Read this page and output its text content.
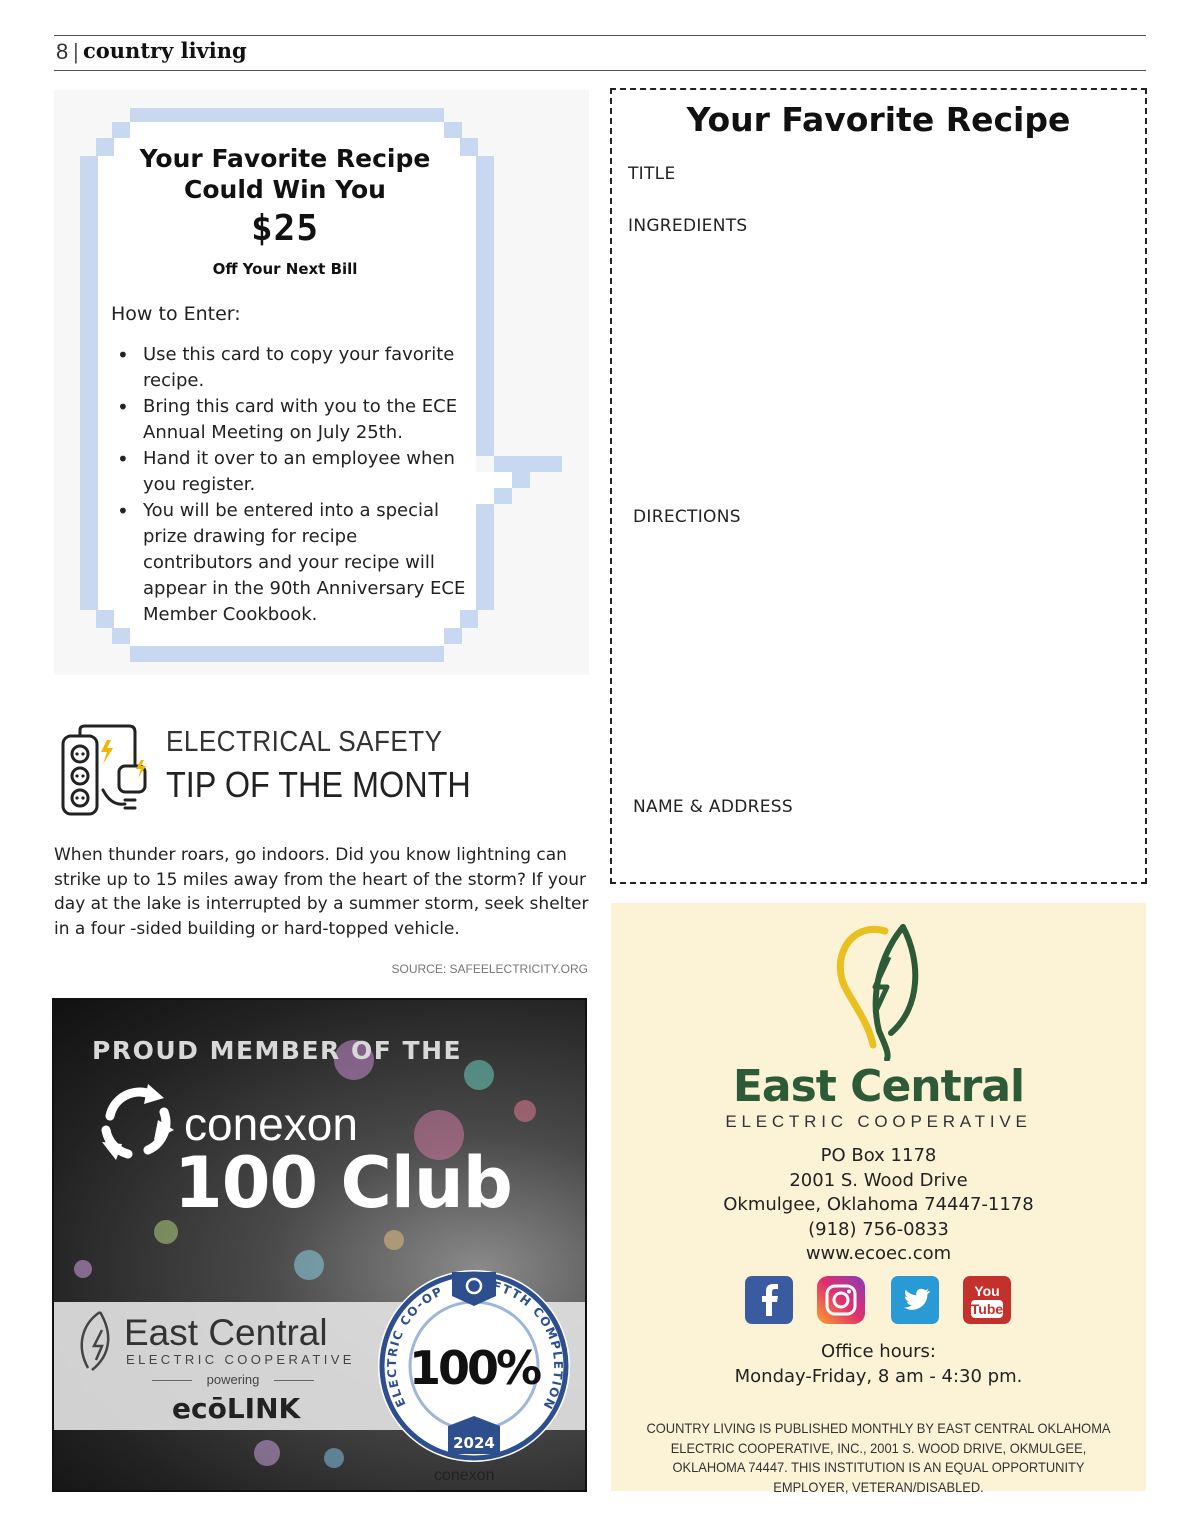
8 | country living
Your Favorite Recipe
Could Win You
$25
Off Your Next Bill
How to Enter:
• Use this card to copy your favorite recipe.
• Bring this card with you to the ECE Annual Meeting on July 25th.
• Hand it over to an employee when you register.
• You will be entered into a special prize drawing for recipe contributors and your recipe will appear in the 90th Anniversary ECE Member Cookbook.
ELECTRICAL SAFETY
TIP OF THE MONTH
When thunder roars, go indoors. Did you know lightning can strike up to 15 miles away from the heart of the storm? If your day at the lake is interrupted by a summer storm, seek shelter in a four -sided building or hard-topped vehicle.
SOURCE: SAFEELECTRICITY.ORG
PROUD MEMBER OF THE
conexon
100 Club
East Central
ELECTRIC COOPERATIVE
powering
ecōLINK
2024
100%
ELECTRIC CO-OP	FTTH COMPLETION
conexon
Your Favorite Recipe
TITLE
INGREDIENTS
DIRECTIONS
NAME & ADDRESS
East Central
ELECTRIC COOPERATIVE
PO Box 1178
2001 S. Wood Drive
Okmulgee, Oklahoma 74447-1178
(918) 756-0833
www.ecoec.com
You
Tube
Office hours:
Monday-Friday, 8 am - 4:30 pm.
COUNTRY LIVING IS PUBLISHED MONTHLY BY EAST CENTRAL OKLAHOMA ELECTRIC COOPERATIVE, INC., 2001 S. WOOD DRIVE, OKMULGEE, OKLAHOMA 74447. THIS INSTITUTION IS AN EQUAL OPPORTUNITY EMPLOYER, VETERAN/DISABLED.
